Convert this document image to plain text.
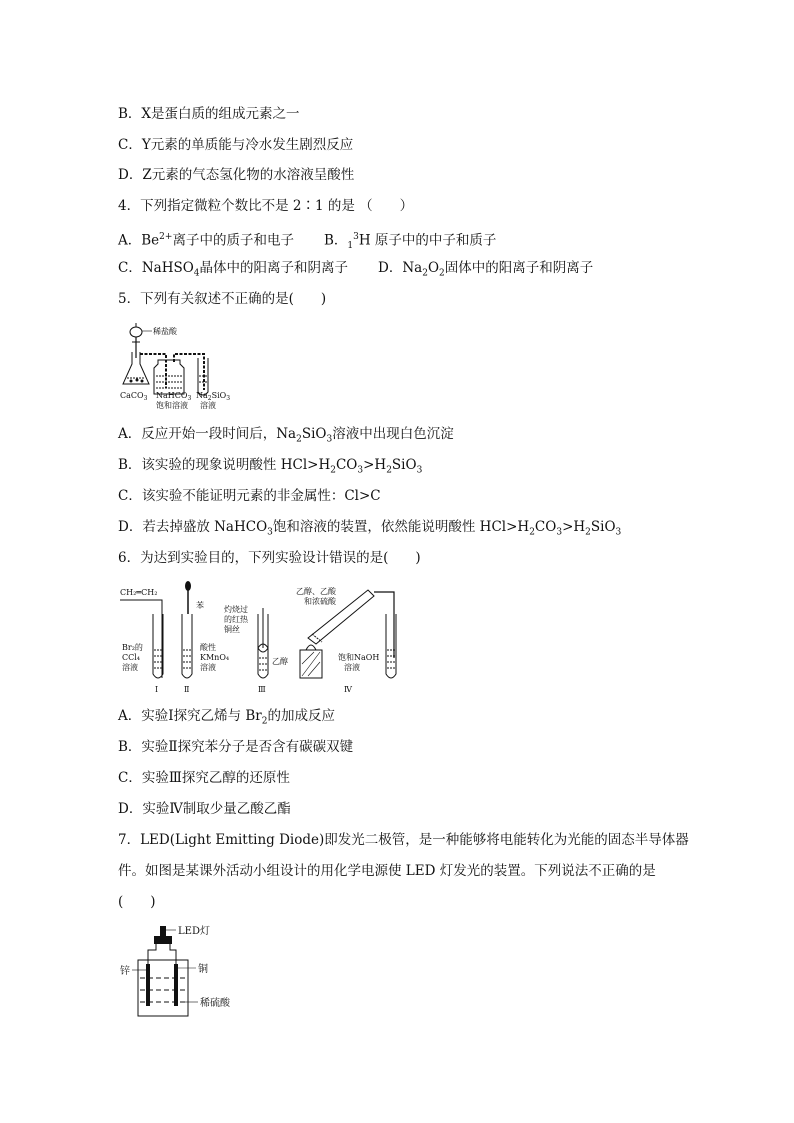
B．X是蛋白质的组成元素之一
C．Y元素的单质能与冷水发生剧烈反应
D．Z元素的气态氢化物的水溶液呈酸性
4．下列指定微粒个数比不是 2∶1 的是 （　　）
A．$Be^{2+}$离子中的质子和电子 B．$_1^3$H 原子中的中子和质子
C．NaHSO$_4$晶体中的阳离子和阴离子 D．$Na_2O_2$固体中的阳离子和阴离子
5．下列有关叙述不正确的是(　　)
稀盐酸
CaCO$_3$ NaHCO$_3$
饱和溶液
$Na_2SiO_3$
溶液
A．反应开始一段时间后，$Na_2SiO_3$溶液中出现白色沉淀
B．该实验的现象说明酸性 $HCl>H_2CO_3>H_2SiO_3$
C．该实验不能证明元素的非金属性：Cl>C
D．若去掉盛放 NaHCO$_3$饱和溶液的装置，依然能说明酸性 $HCl>H_2CO_3>H_2SiO_3$
6．为达到实验目的，下列实验设计错误的是(　　)
CH₂═CH₂
Br₂的
CCl₄
溶液
Ⅰ
苯
酸性
KMnO₄
溶液
Ⅱ
灼烧过
的红热
铜丝
乙醇
Ⅲ
乙醇、乙酸
和浓硫酸
饱和NaOH
溶液
Ⅳ
A．实验Ⅰ探究乙烯与 $Br_2$的加成反应
B．实验Ⅱ探究苯分子是否含有碳碳双键
C．实验Ⅲ探究乙醇的还原性
D．实验Ⅳ制取少量乙酸乙酯
7．LED(Light Emitting Diode)即发光二极管，是一种能够将电能转化为光能的固态半导体器
件。如图是某课外活动小组设计的用化学电源使 LED 灯发光的装置。下列说法不正确的是
(　　)
LED灯
锌	铜
稀硫酸
